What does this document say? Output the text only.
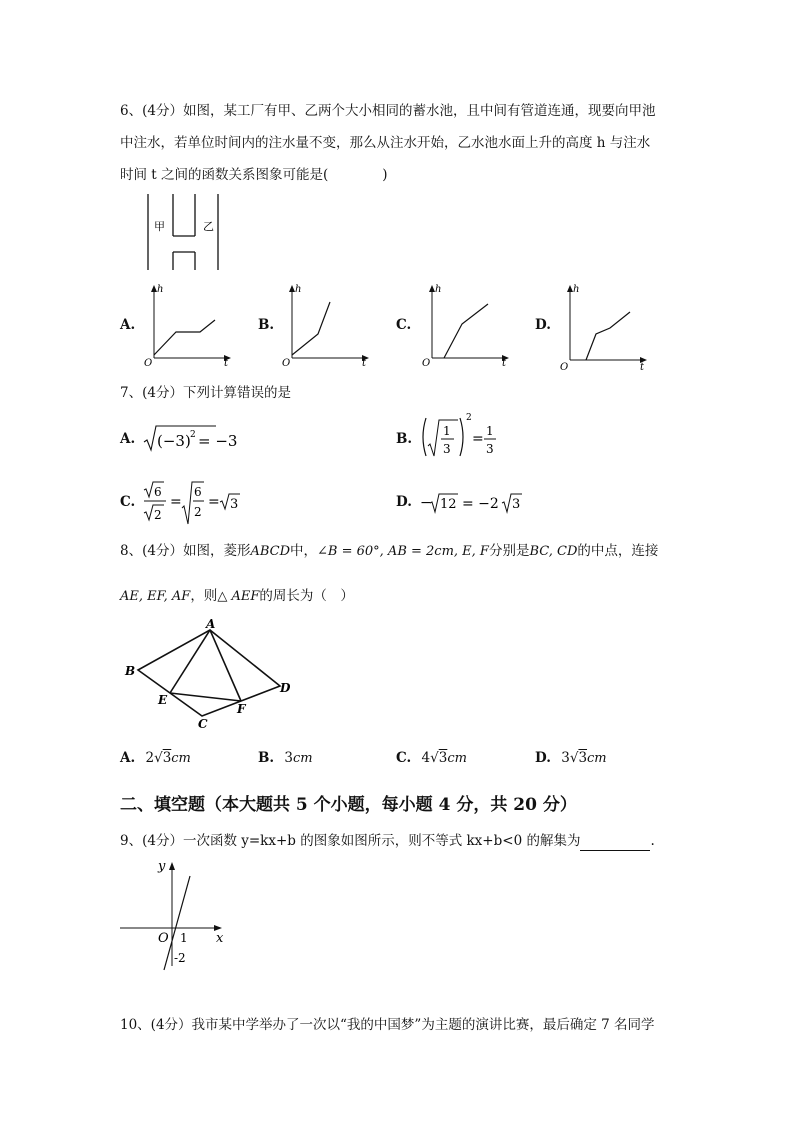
6、(4分）如图，某工厂有甲、乙两个大小相同的蓄水池，且中间有管道连通，现要向甲池
中注水，若单位时间内的注水量不变，那么从注水开始，乙水池水面上升的高度 h 与注水
时间 t 之间的函数关系图象可能是(　　　　)
甲	乙
A.
h
t
O
B.
h
t
O
C.
h
t
O
D.
h
t
O
7、(4分）下列计算错误的是
A. (−3) 2 = −3	B.	1
3
2
= 1
3
C.
6
2
=
6
2
= 3	D. − 12 = −2 3
8、(4分）如图，菱形ABCD中，∠B = 60°, AB = 2cm, E, F分别是BC, CD的中点，连接
AE, EF, AF，则△ AEF的周长为（　）
A
B
C
D
E
F
A. 2√3cm	B. 3cm	C. 4√3cm	D. 3√3cm
二、填空题（本大题共 5 个小题，每小题 4 分，共 20 分）
9、(4分）一次函数 y=kx+b 的图象如图所示，则不等式 kx+b<0 的解集为	.
y
x
O 1
-2
10、(4分）我市某中学举办了一次以“我的中国梦”为主题的演讲比赛，最后确定 7 名同学
